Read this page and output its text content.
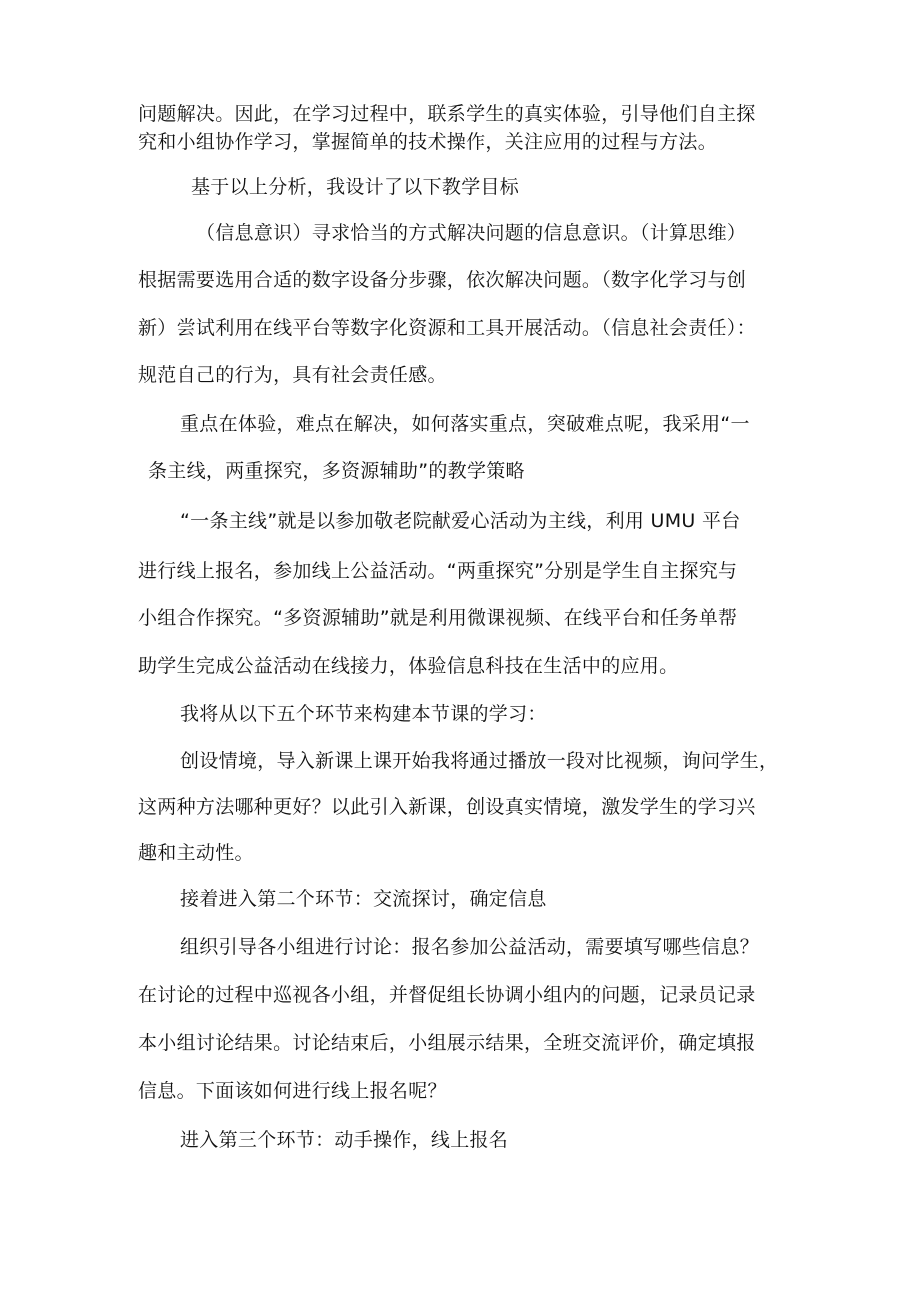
问题解决。因此，在学习过程中，联系学生的真实体验，引导他们自主探
究和小组协作学习，掌握简单的技术操作，关注应用的过程与方法。
基于以上分析，我设计了以下教学目标
（信息意识）寻求恰当的方式解决问题的信息意识。（计算思维）
根据需要选用合适的数字设备分步骤，依次解决问题。（数字化学习与创
新）尝试利用在线平台等数字化资源和工具开展活动。（信息社会责任）：
规范自己的行为，具有社会责任感。
重点在体验，难点在解决，如何落实重点，突破难点呢，我采用“一
条主线，两重探究，多资源辅助”的教学策略
“一条主线”就是以参加敬老院献爱心活动为主线，利用 UMU 平台
进行线上报名，参加线上公益活动。“两重探究”分别是学生自主探究与
小组合作探究。“多资源辅助”就是利用微课视频、在线平台和任务单帮
助学生完成公益活动在线接力，体验信息科技在生活中的应用。
我将从以下五个环节来构建本节课的学习：
创设情境，导入新课上课开始我将通过播放一段对比视频，询问学生，
这两种方法哪种更好？以此引入新课，创设真实情境，激发学生的学习兴
趣和主动性。
接着进入第二个环节：交流探讨，确定信息
组织引导各小组进行讨论：报名参加公益活动，需要填写哪些信息？
在讨论的过程中巡视各小组，并督促组长协调小组内的问题，记录员记录
本小组讨论结果。讨论结束后，小组展示结果，全班交流评价，确定填报
信息。下面该如何进行线上报名呢？
进入第三个环节：动手操作，线上报名
